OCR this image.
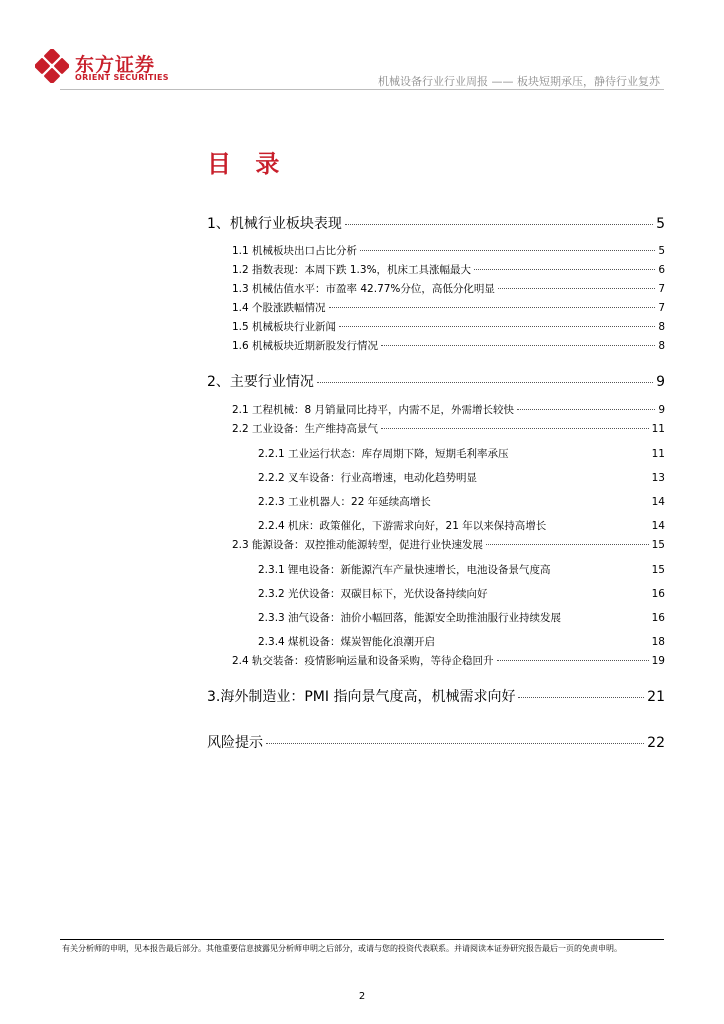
东方证券
ORIENT SECURITIES	机械设备行业行业周报 —— 板块短期承压，静待行业复苏
目 录
1、机械行业板块表现	5
1.1 机械板块出口占比分析	5
1.2 指数表现：本周下跌 1.3%，机床工具涨幅最大	6
1.3 机械估值水平：市盈率 42.77%分位，高低分化明显	7
1.4 个股涨跌幅情况	7
1.5 机械板块行业新闻	8
1.6 机械板块近期新股发行情况	8
2、主要行业情况	9
2.1 工程机械：8 月销量同比持平，内需不足，外需增长较快	9
2.2 工业设备：生产维持高景气	11
2.2.1 工业运行状态：库存周期下降，短期毛利率承压	11
2.2.2 叉车设备：行业高增速，电动化趋势明显	13
2.2.3 工业机器人：22 年延续高增长	14
2.2.4 机床：政策催化，下游需求向好，21 年以来保持高增长	14
2.3 能源设备：双控推动能源转型，促进行业快速发展	15
2.3.1 锂电设备：新能源汽车产量快速增长，电池设备景气度高	15
2.3.2 光伏设备：双碳目标下，光伏设备持续向好	16
2.3.3 油气设备：油价小幅回落，能源安全助推油服行业持续发展	16
2.3.4 煤机设备：煤炭智能化浪潮开启	18
2.4 轨交装备：疫情影响运量和设备采购，等待企稳回升	19
3.海外制造业：PMI 指向景气度高，机械需求向好	21
风险提示	22
有关分析师的申明，见本报告最后部分。其他重要信息披露见分析师申明之后部分，或请与您的投资代表联系。并请阅读本证券研究报告最后一页的免责申明。
2
